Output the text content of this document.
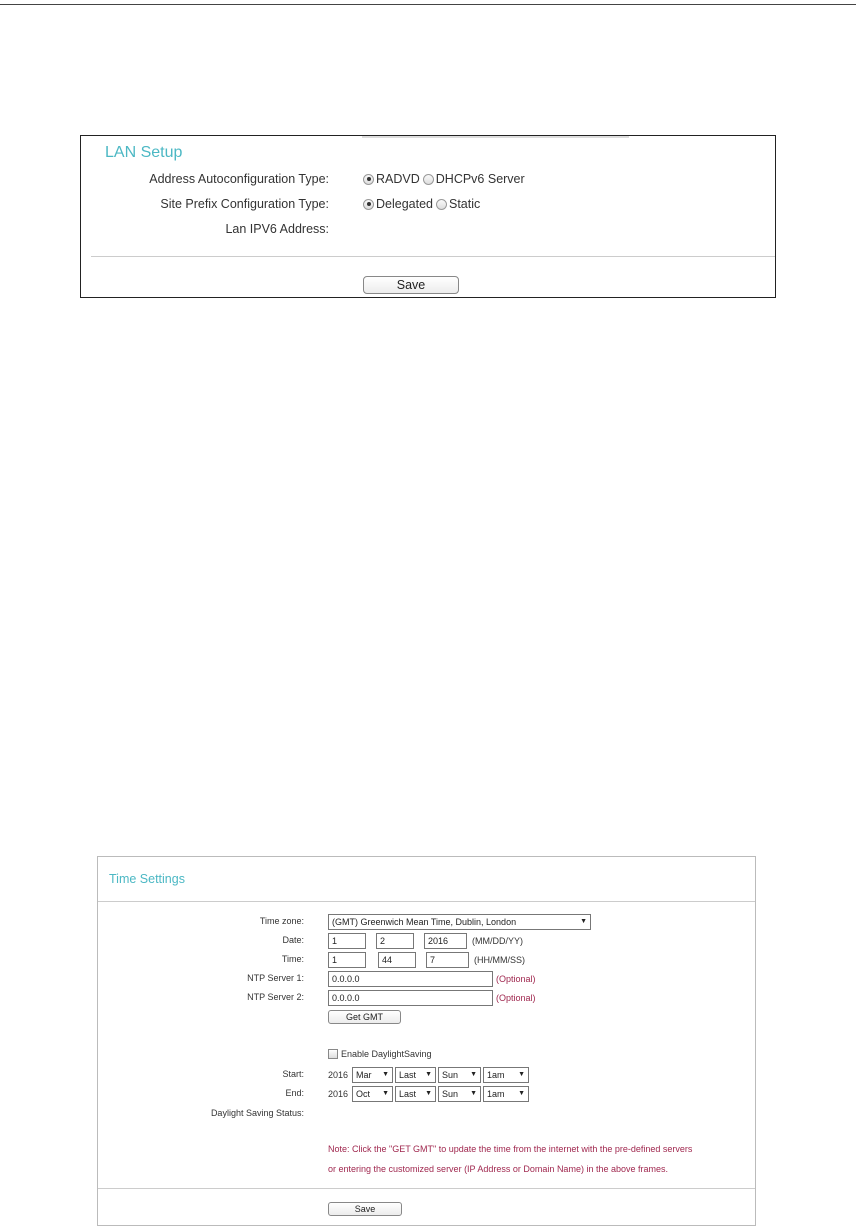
LAN Setup
Address Autoconfiguration Type:	RADVD DHCPv6 Server
Site Prefix Configuration Type:	Delegated Static
Lan IPV6 Address:
Save
Time Settings
Time zone:	(GMT) Greenwich Mean Time, Dublin, London	▼
Date:	1	2	2016	(MM/DD/YY)
Time:	1	44	7	(HH/MM/SS)
NTP Server 1:	0.0.0.0	(Optional)
NTP Server 2:	0.0.0.0	(Optional)
Get GMT
Enable DaylightSaving
Start:	2016 Mar ▼	Last ▼	Sun ▼	1am ▼
End:	2016 Oct ▼	Last ▼	Sun ▼	1am ▼
Daylight Saving Status:
Note: Click the "GET GMT" to update the time from the internet with the pre-defined servers
or entering the customized server (IP Address or Domain Name) in the above frames.
Save
